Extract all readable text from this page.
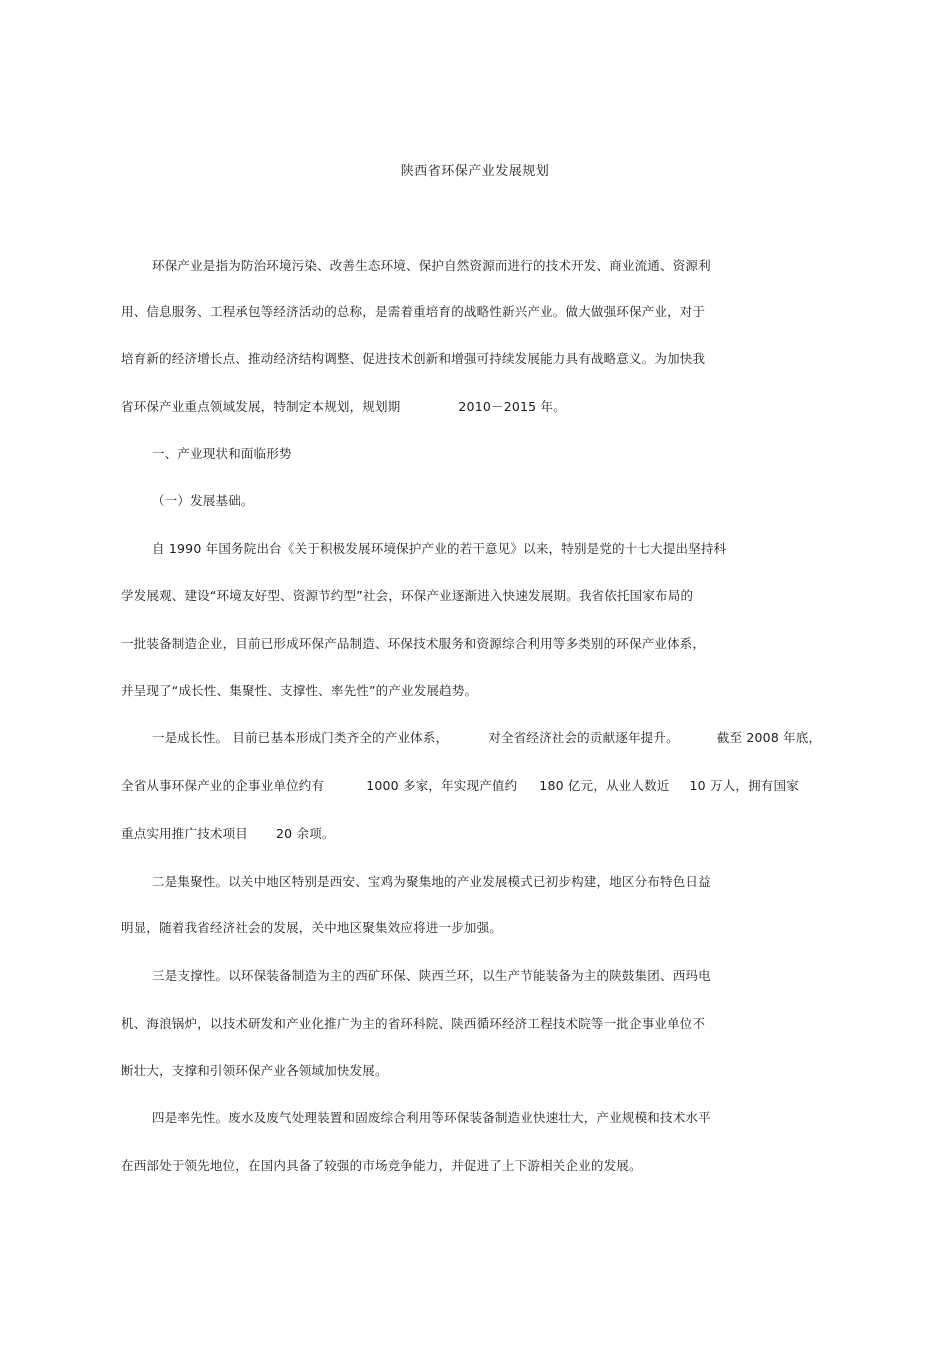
陕西省环保产业发展规划
环保产业是指为防治环境污染、改善生态环境、保护自然资源而进行的技术开发、商业流通、资源利
用、信息服务、工程承包等经济活动的总称，是需着重培育的战略性新兴产业。做大做强环保产业，对于
培育新的经济增长点、推动经济结构调整、促进技术创新和增强可持续发展能力具有战略意义。为加快我
省环保产业重点领域发展，特制定本规划，规划期	2010－2015 年。
一、产业现状和面临形势
（一）发展基础。
自 1990 年国务院出台《关于积极发展环境保护产业的若干意见》以来，特别是党的十七大提出坚持科
学发展观、建设“环境友好型、资源节约型”社会，环保产业逐渐进入快速发展期。我省依托国家布局的
一批装备制造企业，目前已形成环保产品制造、环保技术服务和资源综合利用等多类别的环保产业体系，
并呈现了“成长性、集聚性、支撑性、率先性”的产业发展趋势。
一是成长性。 目前已基本形成门类齐全的产业体系，	对全省经济社会的贡献逐年提升。	截至 2008 年底，
全省从事环保产业的企事业单位约有	1000 多家，年实现产值约 180 亿元，从业人数近 10 万人，拥有国家
重点实用推广技术项目 20 余项。
二是集聚性。以关中地区特别是西安、宝鸡为聚集地的产业发展模式已初步构建，地区分布特色日益
明显，随着我省经济社会的发展，关中地区聚集效应将进一步加强。
三是支撑性。以环保装备制造为主的西矿环保、陕西兰环，以生产节能装备为主的陕鼓集团、西玛电
机、海浪锅炉，以技术研发和产业化推广为主的省环科院、陕西循环经济工程技术院等一批企事业单位不
断壮大，支撑和引领环保产业各领域加快发展。
四是率先性。废水及废气处理装置和固废综合利用等环保装备制造业快速壮大，产业规模和技术水平
在西部处于领先地位，在国内具备了较强的市场竞争能力，并促进了上下游相关企业的发展。
